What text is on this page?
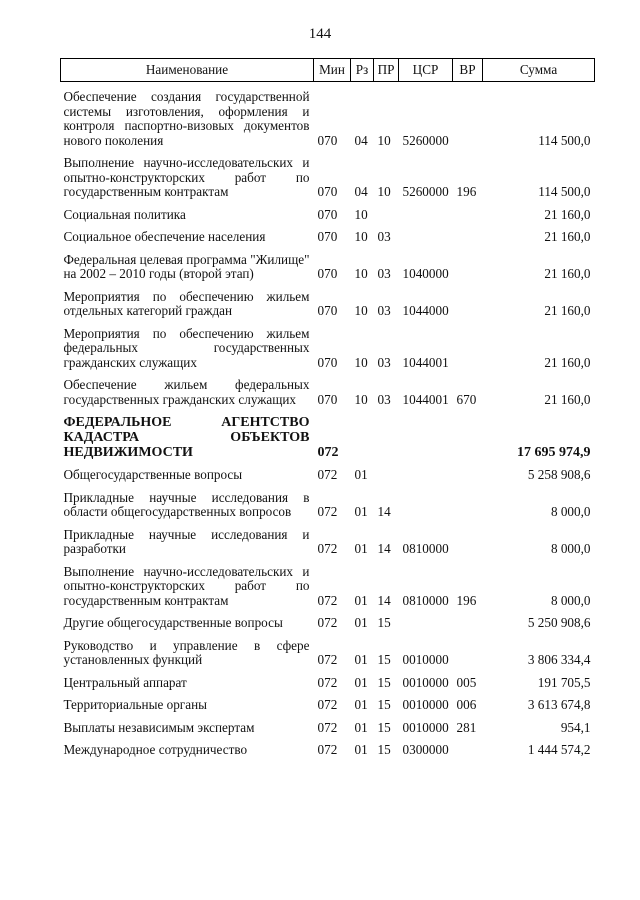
144
Наименование	Мин	Рз	ПР	ЦСР	ВР	Сумма

Обеспечение создания государственной системы изготовления, оформления и контроля паспортно-визовых документов нового поколения	070	04	10	5260000		114 500,0

Выполнение научно-исследовательских и опытно-конструкторских работ по государственным контрактам	070	04	10	5260000	196	114 500,0

Социальная политика	070	10				21 160,0

Социальное обеспечение населения	070	10	03			21 160,0

Федеральная целевая программа "Жилище" на 2002 – 2010 годы (второй этап)	070	10	03	1040000		21 160,0

Мероприятия по обеспечению жильем отдельных категорий граждан	070	10	03	1044000		21 160,0

Мероприятия по обеспечению жильем федеральных государственных гражданских служащих	070	10	03	1044001		21 160,0

Обеспечение жильем федеральных государственных гражданских служащих	070	10	03	1044001	670	21 160,0

ФЕДЕРАЛЬНОЕ АГЕНТСТВО КАДАСТРА ОБЪЕКТОВ НЕДВИЖИМОСТИ	072					17 695 974,9

Общегосударственные вопросы	072	01				5 258 908,6

Прикладные научные исследования в области общегосударственных вопросов	072	01	14			8 000,0

Прикладные научные исследования и разработки	072	01	14	0810000		8 000,0

Выполнение научно-исследовательских и опытно-конструкторских работ по государственным контрактам	072	01	14	0810000	196	8 000,0

Другие общегосударственные вопросы	072	01	15			5 250 908,6

Руководство и управление в сфере установленных функций	072	01	15	0010000		3 806 334,4

Центральный аппарат	072	01	15	0010000	005	191 705,5

Территориальные органы	072	01	15	0010000	006	3 613 674,8

Выплаты независимым экспертам	072	01	15	0010000	281	954,1

Международное сотрудничество	072	01	15	0300000		1 444 574,2
